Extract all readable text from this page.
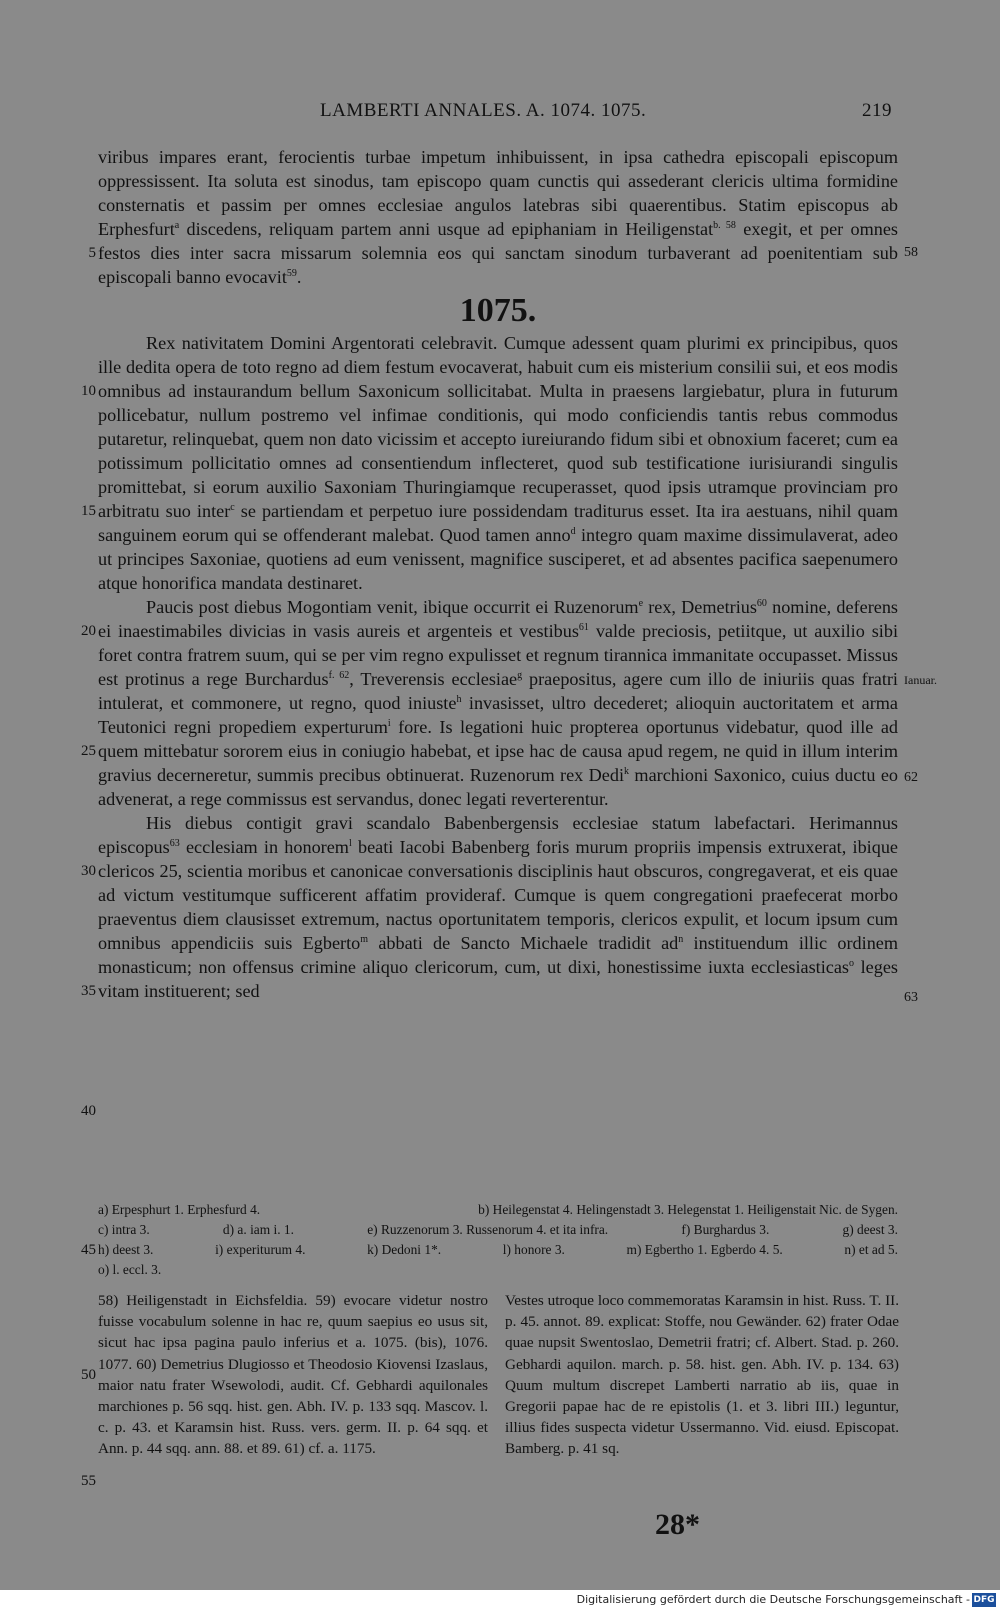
LAMBERTI ANNALES. A. 1074. 1075.	219

viribus impares erant, ferocientis turbae impetum inhibuissent, in ipsa cathedra episcopali episcopum oppressissent. Ita soluta est sinodus, tam episcopo quam cunctis qui assederant clericis ultima formidine consternatis et passim per omnes ecclesiae angulos latebras sibi quaerentibus. Statim episcopus ab Erphesfurt$^a$ discedens, reliquam partem anni usque ad epiphaniam in Heiligenstat$^{b. 58}$ exegit, et per omnes festos dies inter sacra missarum solemnia eos qui sanctam sinodum turbaverant ad poenitentiam sub episcopali banno evocavit$^{59}$.

1075.

Rex nativitatem Domini Argentorati celebravit. Cumque adessent quam plurimi ex principibus, quos ille dedita opera de toto regno ad diem festum evocaverat, habuit cum eis misterium consilii sui, et eos modis omnibus ad instaurandum bellum Saxonicum sollicitabat. Multa in praesens largiebatur, plura in futurum pollicebatur, nullum postremo vel infimae conditionis, qui modo conficiendis tantis rebus commodus putaretur, relinquebat, quem non dato vicissim et accepto iureiurando fidum sibi et obnoxium faceret; cum ea potissimum pollicitatio omnes ad consentiendum inflecteret, quod sub testificatione iurisiurandi singulis promittebat, si eorum auxilio Saxoniam Thuringiamque recuperasset, quod ipsis utramque provinciam pro arbitratu suo inter$^c$ se partiendam et perpetuo iure possidendam traditurus esset. Ita ira aestuans, nihil quam sanguinem eorum qui se offenderant malebat. Quod tamen anno$^d$ integro quam maxime dissimulaverat, adeo ut principes Saxoniae, quotiens ad eum venissent, magnifice susciperet, et ad absentes pacifica saepenumero atque honorifica mandata destinaret.

Paucis post diebus Mogontiam venit, ibique occurrit ei Ruzenorum$^e$ rex, Demetrius$^{60}$ nomine, deferens ei inaestimabiles divicias in vasis aureis et argenteis et vestibus$^{61}$ valde preciosis, petiitque, ut auxilio sibi foret contra fratrem suum, qui se per vim regno expulisset et regnum tirannica immanitate occupasset. Missus est protinus a rege Burchardus$^{f. 62}$, Treverensis ecclesiae$^g$ praepositus, agere cum illo de iniuriis quas fratri intulerat, et commonere, ut regno, quod iniuste$^h$ invasisset, ultro decederet; alioquin auctoritatem et arma Teutonici regni propediem experturum$^i$ fore. Is legationi huic propterea oportunus videbatur, quod ille ad quem mittebatur sororem eius in coniugio habebat, et ipse hac de causa apud regem, ne quid in illum interim gravius decerneretur, summis precibus obtinuerat. Ruzenorum rex Dedi$^k$ marchioni Saxonico, cuius ductu eo advenerat, a rege commissus est servandus, donec legati reverterentur.

His diebus contigit gravi scandalo Babenbergensis ecclesiae statum labefactari. Herimannus episcopus$^{63}$ ecclesiam in honorem$^l$ beati Iacobi Babenberg foris murum propriis impensis extruxerat, ibique clericos 25, scientia moribus et canonicae conversationis disciplinis haut obscuros, congregaverat, et eis quae ad victum vestitumque sufficerent affatim provideraf. Cumque is quem congregationi praefecerat morbo praeventus diem clausisset extremum, nactus oportunitatem temporis, clericos expulit, et locum ipsum cum omnibus appendiciis suis Egberto$^m$ abbati de Sancto Michaele tradidit $ad^n$ instituendum illic ordinem monasticum; non offensus crimine aliquo clericorum, cum, ut dixi, honestissime iuxta ecclesiasticas$^o$ leges vitam instituerent; sed

5
10
15
20
25
30
35
40
45
50
55
58
Ianuar.
62
63
a) Erpesphurt 1. Erphesfurd 4.	b) Heilegenstat 4. Helingenstadt 3. Helegenstat 1. Heiligenstait Nic. de Sygen.
c) intra 3.	d) a. iam i. 1.	e) Ruzzenorum 3. Russenorum 4. et ita infra.	f) Burghardus 3.	g) deest 3.
h) deest 3.	i) experiturum 4.	k) Dedoni 1*.	l) honore 3.	m) Egbertho 1. Egberdo 4. 5.	n) et ad 5.
o) l. eccl. 3.
58) Heiligenstadt in Eichsfeldia. 59) evocare videtur nostro fuisse vocabulum solenne in hac re, quum saepius eo usus sit, sicut hac ipsa pagina paulo inferius et a. 1075. (bis), 1076. 1077. 60) Demetrius Dlugiosso et Theodosio Kiovensi Izaslaus, maior natu frater Wsewolodi, audit. Cf. Gebhardi aquilonales marchiones p. 56 sqq. hist. gen. Abh. IV. p. 133 sqq. Mascov. l. c. p. 43. et Karamsin hist. Russ. vers. germ. II. p. 64 sqq. et Ann. p. 44 sqq. ann. 88. et 89. 61) cf. a. 1175.
Vestes utroque loco commemoratas Karamsin in hist. Russ. T. II. p. 45. annot. 89. explicat: Stoffe, nou Gewänder. 62) frater Odae quae nupsit Swentoslao, Demetrii fratri; cf. Albert. Stad. p. 260. Gebhardi aquilon. march. p. 58. hist. gen. Abh. IV. p. 134. 63) Quum multum discrepet Lamberti narratio ab iis, quae in Gregorii papae hac de re epistolis (1. et 3. libri III.) leguntur, illius fides suspecta videtur Ussermanno. Vid. eiusd. Episcopat. Bamberg. p. 41 sq.
28*
Digitalisierung gefördert durch die Deutsche Forschungsgemeinschaft - DFG
